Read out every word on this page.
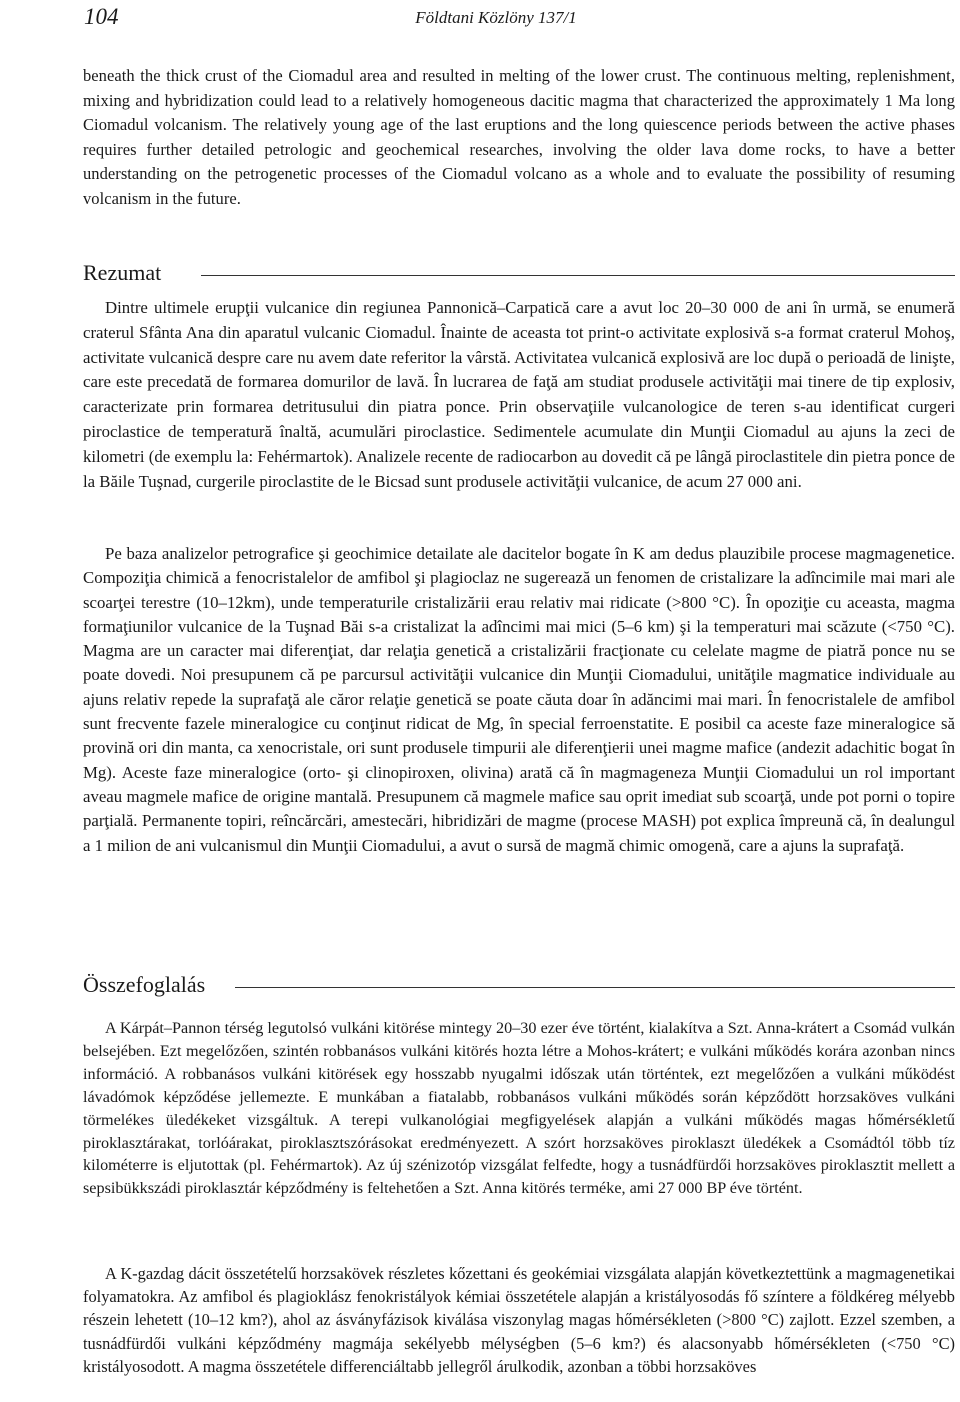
104	Földtani Közlöny 137/1

beneath the thick crust of the Ciomadul area and resulted in melting of the lower crust. The continuous melting, replenishment, mixing and hybridization could lead to a relatively homogeneous dacitic magma that characterized the approximately 1 Ma long Ciomadul volcanism. The relatively young age of the last eruptions and the long quiescence periods between the active phases requires further detailed petrologic and geochemical researches, involving the older lava dome rocks, to have a better understanding on the petrogenetic processes of the Ciomadul volcano as a whole and to evaluate the possibility of resuming volcanism in the future.

Rezumat

Dintre ultimele erupţii vulcanice din regiunea Pannonică–Carpatică care a avut loc 20–30 000 de ani în urmă, se enumeră craterul Sfânta Ana din aparatul vulcanic Ciomadul. Înainte de aceasta tot print-o activitate explosivă s-a format craterul Mohoş, activitate vulcanică despre care nu avem date referitor la vârstă. Activitatea vulcanică explosivă are loc după o perioadă de linişte, care este precedată de formarea domurilor de lavă. În lucrarea de faţă am studiat produsele activităţii mai tinere de tip explosiv, caracterizate prin formarea detritusului din piatra ponce. Prin observaţiile vulcanologice de teren s-au identificat curgeri piroclastice de temperatură înaltă, acumulări piroclastice. Sedimentele acumulate din Munţii Ciomadul au ajuns la zeci de kilometri (de exemplu la: Fehérmartok). Analizele recente de radiocarbon au dovedit că pe lângă piroclastitele din pietra ponce de la Băile Tuşnad, curgerile piroclastite de le Bicsad sunt produsele activităţii vulcanice, de acum 27 000 ani.

Pe baza analizelor petrografice şi geochimice detailate ale dacitelor bogate în K am dedus plauzibile procese magmagenetice. Compoziţia chimică a fenocristalelor de amfibol şi plagioclaz ne sugerează un fenomen de cristalizare la adîncimile mai mari ale scoarţei terestre (10–12km), unde temperaturile cristalizării erau relativ mai ridicate (>800 °C). În opoziţie cu aceasta, magma formaţiunilor vulcanice de la Tuşnad Băi s-a cristalizat la adîncimi mai mici (5–6 km) şi la temperaturi mai scăzute (<750 °C). Magma are un caracter mai diferenţiat, dar relaţia genetică a cristalizării fracţionate cu celelate magme de piatră ponce nu se poate dovedi. Noi presupunem că pe parcursul activităţii vulcanice din Munţii Ciomadului, unităţile magmatice individuale au ajuns relativ repede la suprafaţă ale căror relaţie genetică se poate căuta doar în adăncimi mai mari. În fenocristalele de amfibol sunt frecvente fazele mineralogice cu conţinut ridicat de Mg, în special ferroenstatite. E posibil ca aceste faze mineralogice să provină ori din manta, ca xenocristale, ori sunt produsele timpurii ale diferenţierii unei magme mafice (andezit adachitic bogat în Mg). Aceste faze mineralogice (orto- şi clinopiroxen, olivina) arată că în magmageneza Munţii Ciomadului un rol important aveau magmele mafice de origine mantală. Presupunem că magmele mafice sau oprit imediat sub scoarţă, unde pot porni o topire parţială. Permanente topiri, reîncărcări, amestecări, hibridizări de magme (procese MASH) pot explica împreună că, în dealungul a 1 milion de ani vulcanismul din Munţii Ciomadului, a avut o sursă de magmă chimic omogenă, care a ajuns la suprafaţă.

Összefoglalás

A Kárpát–Pannon térség legutolsó vulkáni kitörése mintegy 20–30 ezer éve történt, kialakítva a Szt. Anna-krátert a Csomád vulkán belsejében. Ezt megelőzően, szintén robbanásos vulkáni kitörés hozta létre a Mohos-krátert; e vulkáni működés korára azonban nincs információ. A robbanásos vulkáni kitörések egy hosszabb nyugalmi időszak után történtek, ezt megelőzően a vulkáni működést lávadómok képződése jellemezte. E munkában a fiatalabb, robbanásos vulkáni működés során képződött horzsaköves vulkáni törmelékes üledékeket vizsgáltuk. A terepi vulkanológiai megfigyelések alapján a vulkáni működés magas hőmérsékletű piroklasztárakat, torlóárakat, piroklasztszórásokat eredményezett. A szórt horzsaköves piroklaszt üledékek a Csomádtól több tíz kilométerre is eljutottak (pl. Fehérmartok). Az új szénizotóp vizsgálat felfedte, hogy a tusnádfürdői horzsaköves piroklasztit mellett a sepsibükkszádi piroklasztár képződmény is feltehetően a Szt. Anna kitörés terméke, ami 27 000 BP éve történt.

A K-gazdag dácit összetételű horzsakövek részletes kőzettani és geokémiai vizsgálata alapján következtettünk a magmagenetikai folyamatokra. Az amfibol és plagioklász fenokristályok kémiai összetétele alapján a kristályosodás fő színtere a földkéreg mélyebb részein lehetett (10–12 km?), ahol az ásványfázisok kiválása viszonylag magas hőmérsékleten (>800 °C) zajlott. Ezzel szemben, a tusnádfürdői vulkáni képződmény magmája sekélyebb mélységben (5–6 km?) és alacsonyabb hőmérsékleten (<750 °C) kristályosodott. A magma összetétele differenciáltabb jellegről árulkodik, azonban a többi horzsaköves
